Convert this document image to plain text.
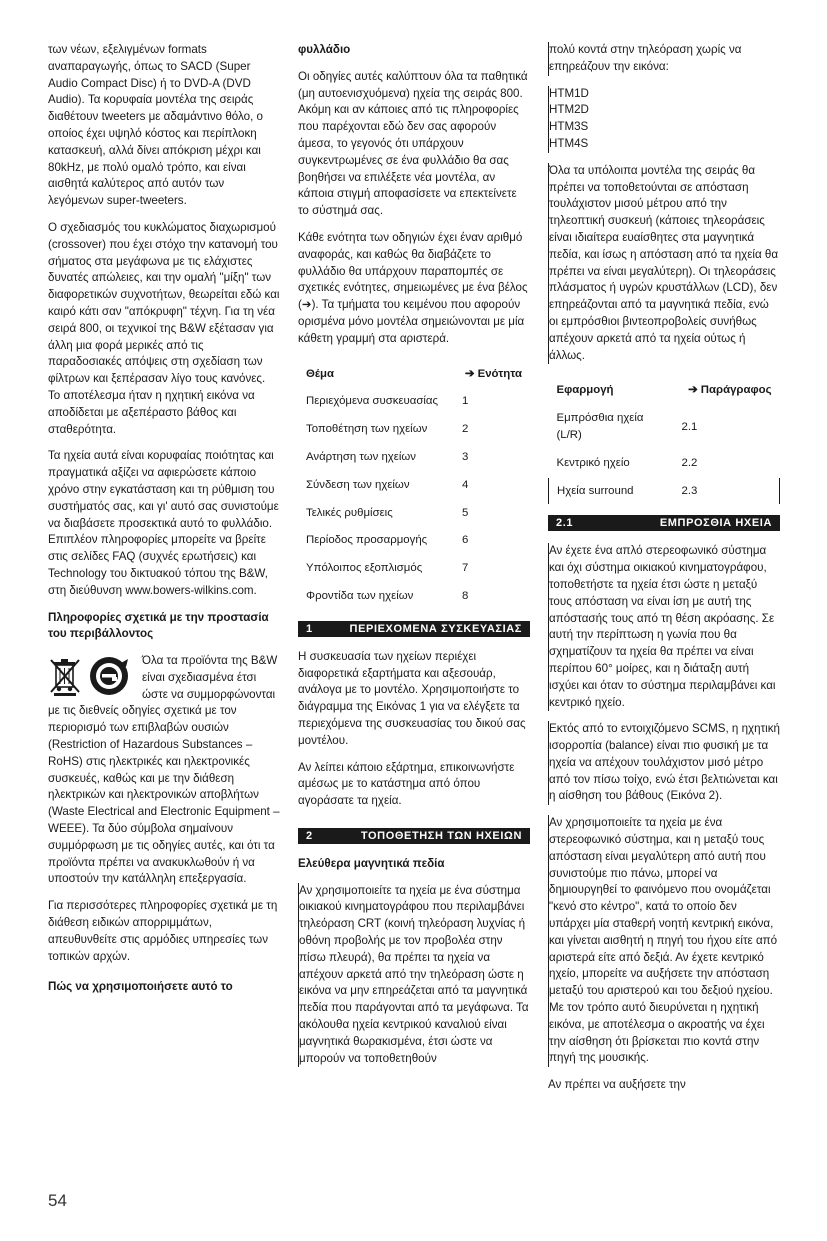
των νέων, εξελιγμένων formats αναπαραγωγής, όπως το SACD (Super Audio Compact Disc) ή το DVD-A (DVD Audio). Τα κορυφαία μοντέλα της σειράς διαθέτουν tweeters με αδαμάντινο θόλο, ο οποίος έχει υψηλό κόστος και περίπλοκη κατασκευή, αλλά δίνει απόκριση μέχρι και 80kHz, με πολύ ομαλό τρόπο, και είναι αισθητά καλύτερος από αυτόν των λεγόμενων super-tweeters.

Ο σχεδιασμός του κυκλώματος διαχωρισμού (crossover) που έχει στόχο την κατανομή του σήματος στα μεγάφωνα με τις ελάχιστες δυνατές απώλειες, και την ομαλή "μίξη" των διαφορετικών συχνοτήτων, θεωρείται εδώ και καιρό κάτι σαν "απόκρυφη" τέχνη. Για τη νέα σειρά 800, οι τεχνικοί της B&W εξέτασαν για άλλη μια φορά μερικές από τις παραδοσιακές απόψεις στη σχεδίαση των φίλτρων και ξεπέρασαν λίγο τους κανόνες. Το αποτέλεσμα ήταν η ηχητική εικόνα να αποδίδεται με αξεπέραστο βάθος και σταθερότητα.

Τα ηχεία αυτά είναι κορυφαίας ποιότητας και πραγματικά αξίζει να αφιερώσετε κάποιο χρόνο στην εγκατάσταση και τη ρύθμιση του συστήματός σας, και γι' αυτό σας συνιστούμε να διαβάσετε προσεκτικά αυτό το φυλλάδιο. Επιπλέον πληροφορίες μπορείτε να βρείτε στις σελίδες FAQ (συχνές ερωτήσεις) και Technology του δικτυακού τόπου της B&W, στη διεύθυνση www.bowers-wilkins.com.

Πληροφορίες σχετικά με την προστασία του περιβάλλοντος

Όλα τα προϊόντα της B&W είναι σχεδιασμένα έτσι ώστε να συμμορφώνονται με τις διεθνείς οδηγίες σχετικά με τον περιορισμό των επιβλαβών ουσιών (Restriction of Hazardous Substances – RoHS) στις ηλεκτρικές και ηλεκτρονικές συσκευές, καθώς και με την διάθεση ηλεκτρικών και ηλεκτρονικών αποβλήτων (Waste Electrical and Electronic Equipment – WEEE). Τα δύο σύμβολα σημαίνουν συμμόρφωση με τις οδηγίες αυτές, και ότι τα προϊόντα πρέπει να ανακυκλωθούν ή να υποστούν την κατάλληλη επεξεργασία.

Για περισσότερες πληροφορίες σχετικά με τη διάθεση ειδικών απορριμμάτων, απευθυνθείτε στις αρμόδιες υπηρεσίες των τοπικών αρχών.

Πώς να χρησιμοποιήσετε αυτό το
φυλλάδιο

Οι οδηγίες αυτές καλύπτουν όλα τα παθητικά (μη αυτοενισχυόμενα) ηχεία της σειράς 800. Ακόμη και αν κάποιες από τις πληροφορίες που παρέχονται εδώ δεν σας αφορούν άμεσα, το γεγονός ότι υπάρχουν συγκεντρωμένες σε ένα φυλλάδιο θα σας βοηθήσει να επιλέξετε νέα μοντέλα, αν κάποια στιγμή αποφασίσετε να επεκτείνετε το σύστημά σας.

Κάθε ενότητα των οδηγιών έχει έναν αριθμό αναφοράς, και καθώς θα διαβάζετε το φυλλάδιο θα υπάρχουν παραπομπές σε σχετικές ενότητες, σημειωμένες με ένα βέλος (➔). Τα τμήματα του κειμένου που αφορούν ορισμένα μόνο μοντέλα σημειώνονται με μία κάθετη γραμμή στα αριστερά.

Θέμα	➔ Ενότητα
Περιεχόμενα συσκευασίας	1
Τοποθέτηση των ηχείων	2
Ανάρτηση των ηχείων	3
Σύνδεση των ηχείων	4
Τελικές ρυθμίσεις	5
Περίοδος προσαρμογής	6
Υπόλοιπος εξοπλισμός	7
Φροντίδα των ηχείων	8
1	ΠΕΡΙΕΧΟΜΕΝΑ ΣΥΣΚΕΥΑΣΙΑΣ

Η συσκευασία των ηχείων περιέχει διαφορετικά εξαρτήματα και αξεσουάρ, ανάλογα με το μοντέλο. Χρησιμοποιήστε το διάγραμμα της Εικόνας 1 για να ελέγξετε τα περιεχόμενα της συσκευασίας του δικού σας μοντέλου.

Αν λείπει κάποιο εξάρτημα, επικοινωνήστε αμέσως με το κατάστημα από όπου αγοράσατε τα ηχεία.

2	ΤΟΠΟΘΕΤΗΣΗ ΤΩΝ ΗΧΕΙΩΝ
Ελεύθερα μαγνητικά πεδία

Αν χρησιμοποιείτε τα ηχεία με ένα σύστημα οικιακού κινηματογράφου που περιλαμβάνει τηλεόραση CRT (κοινή τηλεόραση λυχνίας ή οθόνη προβολής με τον προβολέα στην πίσω πλευρά), θα πρέπει τα ηχεία να απέχουν αρκετά από την τηλεόραση ώστε η εικόνα να μην επηρεάζεται από τα μαγνητικά πεδία που παράγονται από τα μεγάφωνα. Τα ακόλουθα ηχεία κεντρικού καναλιού είναι μαγνητικά θωρακισμένα, έτσι ώστε να μπορούν να τοποθετηθούν

πολύ κοντά στην τηλεόραση χωρίς να επηρεάζουν την εικόνα:

HTM1D

HTM2D

HTM3S

HTM4S

Όλα τα υπόλοιπα μοντέλα της σειράς θα πρέπει να τοποθετούνται σε απόσταση τουλάχιστον μισού μέτρου από την τηλεοπτική συσκευή (κάποιες τηλεοράσεις είναι ιδιαίτερα ευαίσθητες στα μαγνητικά πεδία, και ίσως η απόσταση από τα ηχεία θα πρέπει να είναι μεγαλύτερη). Οι τηλεοράσεις πλάσματος ή υγρών κρυστάλλων (LCD), δεν επηρεάζονται από τα μαγνητικά πεδία, ενώ οι εμπρόσθιοι βιντεοπροβολείς συνήθως απέχουν αρκετά από τα ηχεία ούτως ή άλλως.

Εφαρμογή	➔ Παράγραφος
Εμπρόσθια ηχεία (L/R)	2.1
Κεντρικό ηχείο	2.2
Ηχεία surround	2.3
2.1	ΕΜΠΡΟΣΘΙΑ ΗΧΕΙΑ

Αν έχετε ένα απλό στερεοφωνικό σύστημα και όχι σύστημα οικιακού κινηματογράφου, τοποθετήστε τα ηχεία έτσι ώστε η μεταξύ τους απόσταση να είναι ίση με αυτή της απόστασής τους από τη θέση ακρόασης. Σε αυτή την περίπτωση η γωνία που θα σχηματίζουν τα ηχεία θα πρέπει να είναι περίπου 60° μοίρες, και η διάταξη αυτή ισχύει και όταν το σύστημα περιλαμβάνει και κεντρικό ηχείο.

Εκτός από το εντοιχιζόμενο SCMS, η ηχητική ισορροπία (balance) είναι πιο φυσική με τα ηχεία να απέχουν τουλάχιστον μισό μέτρο από τον πίσω τοίχο, ενώ έτσι βελτιώνεται και η αίσθηση του βάθους (Εικόνα 2).

Αν χρησιμοποιείτε τα ηχεία με ένα στερεοφωνικό σύστημα, και η μεταξύ τους απόσταση είναι μεγαλύτερη από αυτή που συνιστούμε πιο πάνω, μπορεί να δημιουργηθεί το φαινόμενο που ονομάζεται "κενό στο κέντρο", κατά το οποίο δεν υπάρχει μία σταθερή νοητή κεντρική εικόνα, και γίνεται αισθητή η πηγή του ήχου είτε από αριστερά είτε από δεξιά. Αν έχετε κεντρικό ηχείο, μπορείτε να αυξήσετε την απόσταση μεταξύ του αριστερού και του δεξιού ηχείου. Με τον τρόπο αυτό διευρύνεται η ηχητική εικόνα, με αποτέλεσμα ο ακροατής να έχει την αίσθηση ότι βρίσκεται πιο κοντά στην πηγή της μουσικής.

Αν πρέπει να αυξήσετε την

54
